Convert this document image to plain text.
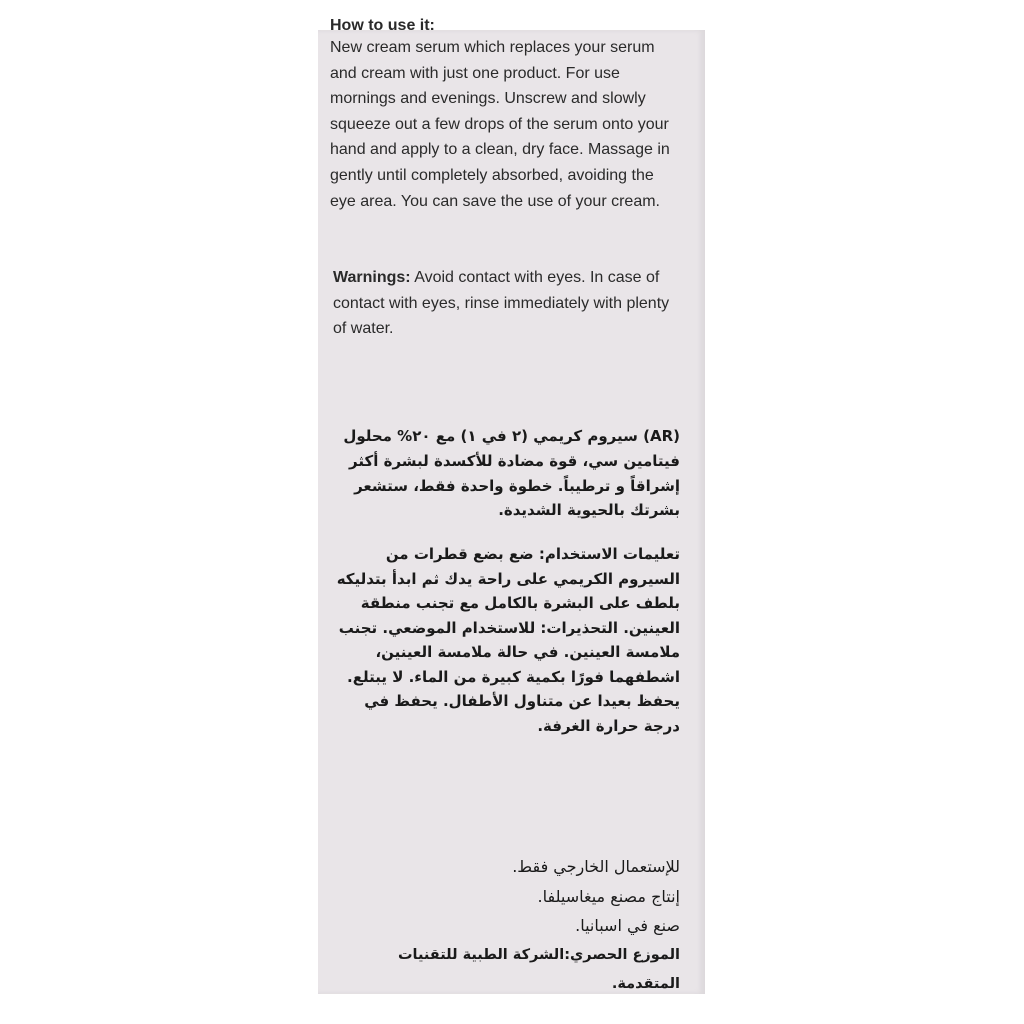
How to use it:

New cream serum which replaces your serum and cream with just one product. For use mornings and evenings. Unscrew and slowly squeeze out a few drops of the serum onto your hand and apply to a clean, dry face. Massage in gently until completely absorbed, avoiding the eye area. You can save the use of your cream.

Warnings: Avoid contact with eyes. In case of contact with eyes, rinse immediately with plenty of water.

(AR) سيروم كريمي (٢ في ١) مع ٢٠% محلول فيتامين سي، قوة مضادة للأكسدة لبشرة أكثر إشراقاً و ترطيباً. خطوة واحدة فقط، ستشعر بشرتك بالحيوية الشديدة.

تعليمات الاستخدام: ضع بضع قطرات من السيروم الكريمي على راحة يدك ثم ابدأ بتدليكه بلطف على البشرة بالكامل مع تجنب منطقة العينين. التحذيرات: للاستخدام الموضعي. تجنب ملامسة العينين. في حالة ملامسة العينين، اشطفهما فورًا بكمية كبيرة من الماء. لا يبتلع. يحفظ بعيدا عن متناول الأطفال. يحفظ في درجة حرارة الغرفة.

للإستعمال الخارجي فقط.

إنتاج مصنع ميغاسيلفا.

صنع في اسبانيا.

الموزع الحصري:الشركة الطبية للتقنيات المتقدمة.
